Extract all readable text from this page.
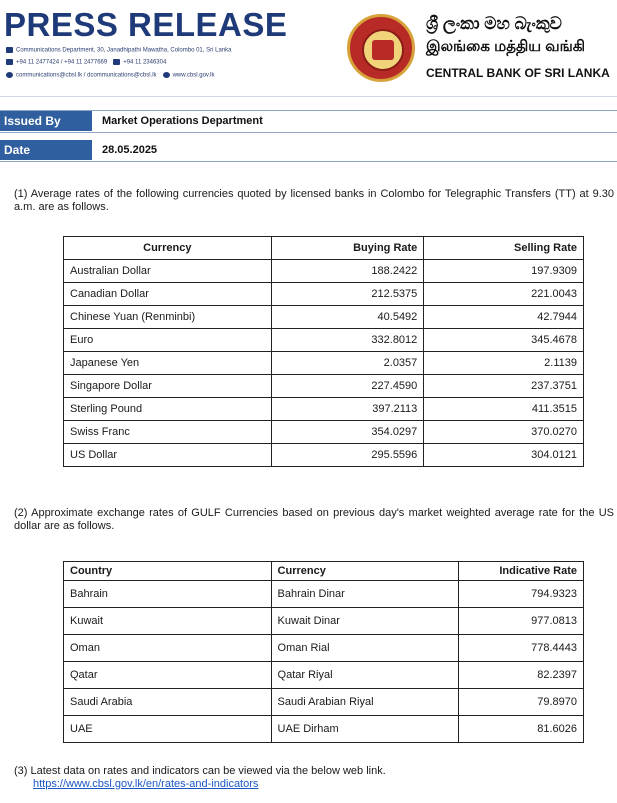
PRESS RELEASE
Communications Department, 30, Janadhipathi Mawatha, Colombo 01, Sri Lanka
+94 11 2477424 / +94 11 2477669	+94 11 2346304
communications@cbsl.lk / dcommunications@cbsl.lk	www.cbsl.gov.lk
ශ්‍රී ලංකා මහ බැංකුව
இலங்கை மத்திய வங்கி
CENTRAL BANK OF SRI LANKA
Issued By	Market Operations Department
Date	28.05.2025
(1) Average rates of the following currencies quoted by licensed banks in Colombo for Telegraphic Transfers (TT) at 9.30 a.m. are as follows.
Currency	Buying Rate	Selling Rate
Australian Dollar	188.2422	197.9309
Canadian Dollar	212.5375	221.0043
Chinese Yuan (Renminbi)	40.5492	42.7944
Euro	332.8012	345.4678
Japanese Yen	2.0357	2.1139
Singapore Dollar	227.4590	237.3751
Sterling Pound	397.2113	411.3515
Swiss Franc	354.0297	370.0270
US Dollar	295.5596	304.0121
(2) Approximate exchange rates of GULF Currencies based on previous day's market weighted average rate for the US dollar are as follows.
Country	Currency	Indicative Rate
Bahrain	Bahrain Dinar	794.9323
Kuwait	Kuwait Dinar	977.0813
Oman	Oman Rial	778.4443
Qatar	Qatar Riyal	82.2397
Saudi Arabia	Saudi Arabian Riyal	79.8970
UAE	UAE Dirham	81.6026
(3) Latest data on rates and indicators can be viewed via the below web link.
https://www.cbsl.gov.lk/en/rates-and-indicators
